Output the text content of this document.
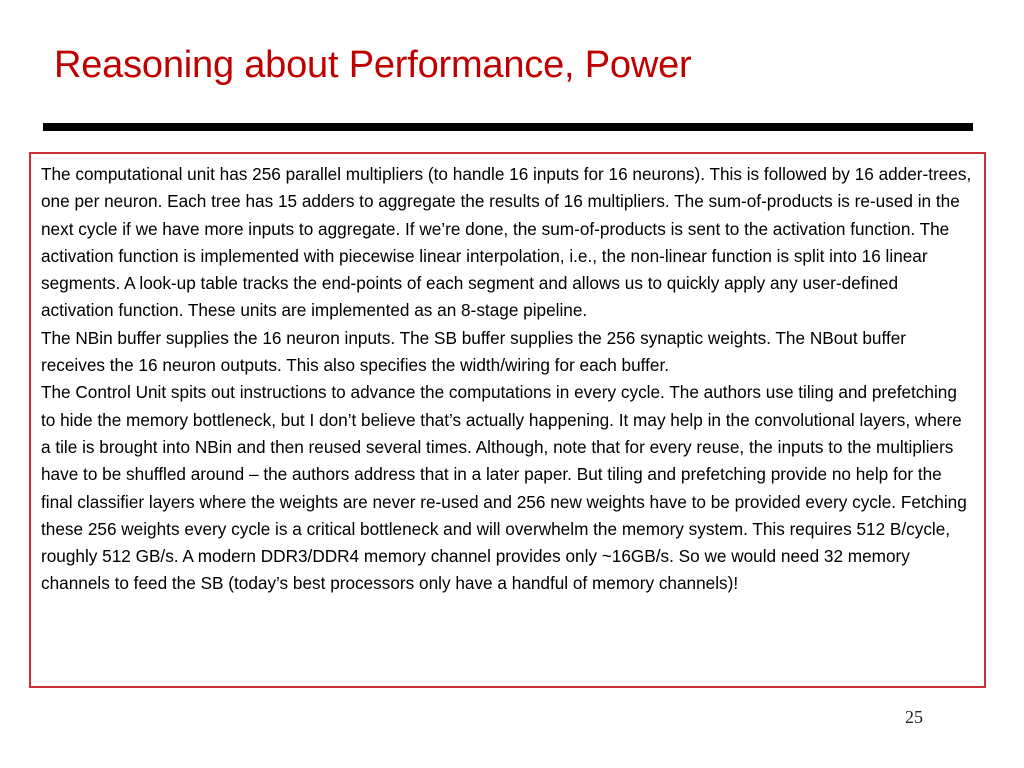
Reasoning about Performance, Power

The computational unit has 256 parallel multipliers (to handle 16 inputs for 16 neurons). This is followed by 16 adder-trees, one per neuron. Each tree has 15 adders to aggregate the results of 16 multipliers. The sum-of-products is re-used in the next cycle if we have more inputs to aggregate. If we’re done, the sum-of-products is sent to the activation function. The activation function is implemented with piecewise linear interpolation, i.e., the non-linear function is split into 16 linear segments. A look-up table tracks the end-points of each segment and allows us to quickly apply any user-defined activation function. These units are implemented as an 8-stage pipeline.

The NBin buffer supplies the 16 neuron inputs. The SB buffer supplies the 256 synaptic weights. The NBout buffer receives the 16 neuron outputs. This also specifies the width/wiring for each buffer.

The Control Unit spits out instructions to advance the computations in every cycle. The authors use tiling and prefetching to hide the memory bottleneck, but I don’t believe that’s actually happening. It may help in the convolutional layers, where a tile is brought into NBin and then reused several times. Although, note that for every reuse, the inputs to the multipliers have to be shuffled around – the authors address that in a later paper. But tiling and prefetching provide no help for the final classifier layers where the weights are never re-used and 256 new weights have to be provided every cycle. Fetching these 256 weights every cycle is a critical bottleneck and will overwhelm the memory system. This requires 512 B/cycle, roughly 512 GB/s. A modern DDR3/DDR4 memory channel provides only ~16GB/s. So we would need 32 memory channels to feed the SB (today’s best processors only have a handful of memory channels)!

25
